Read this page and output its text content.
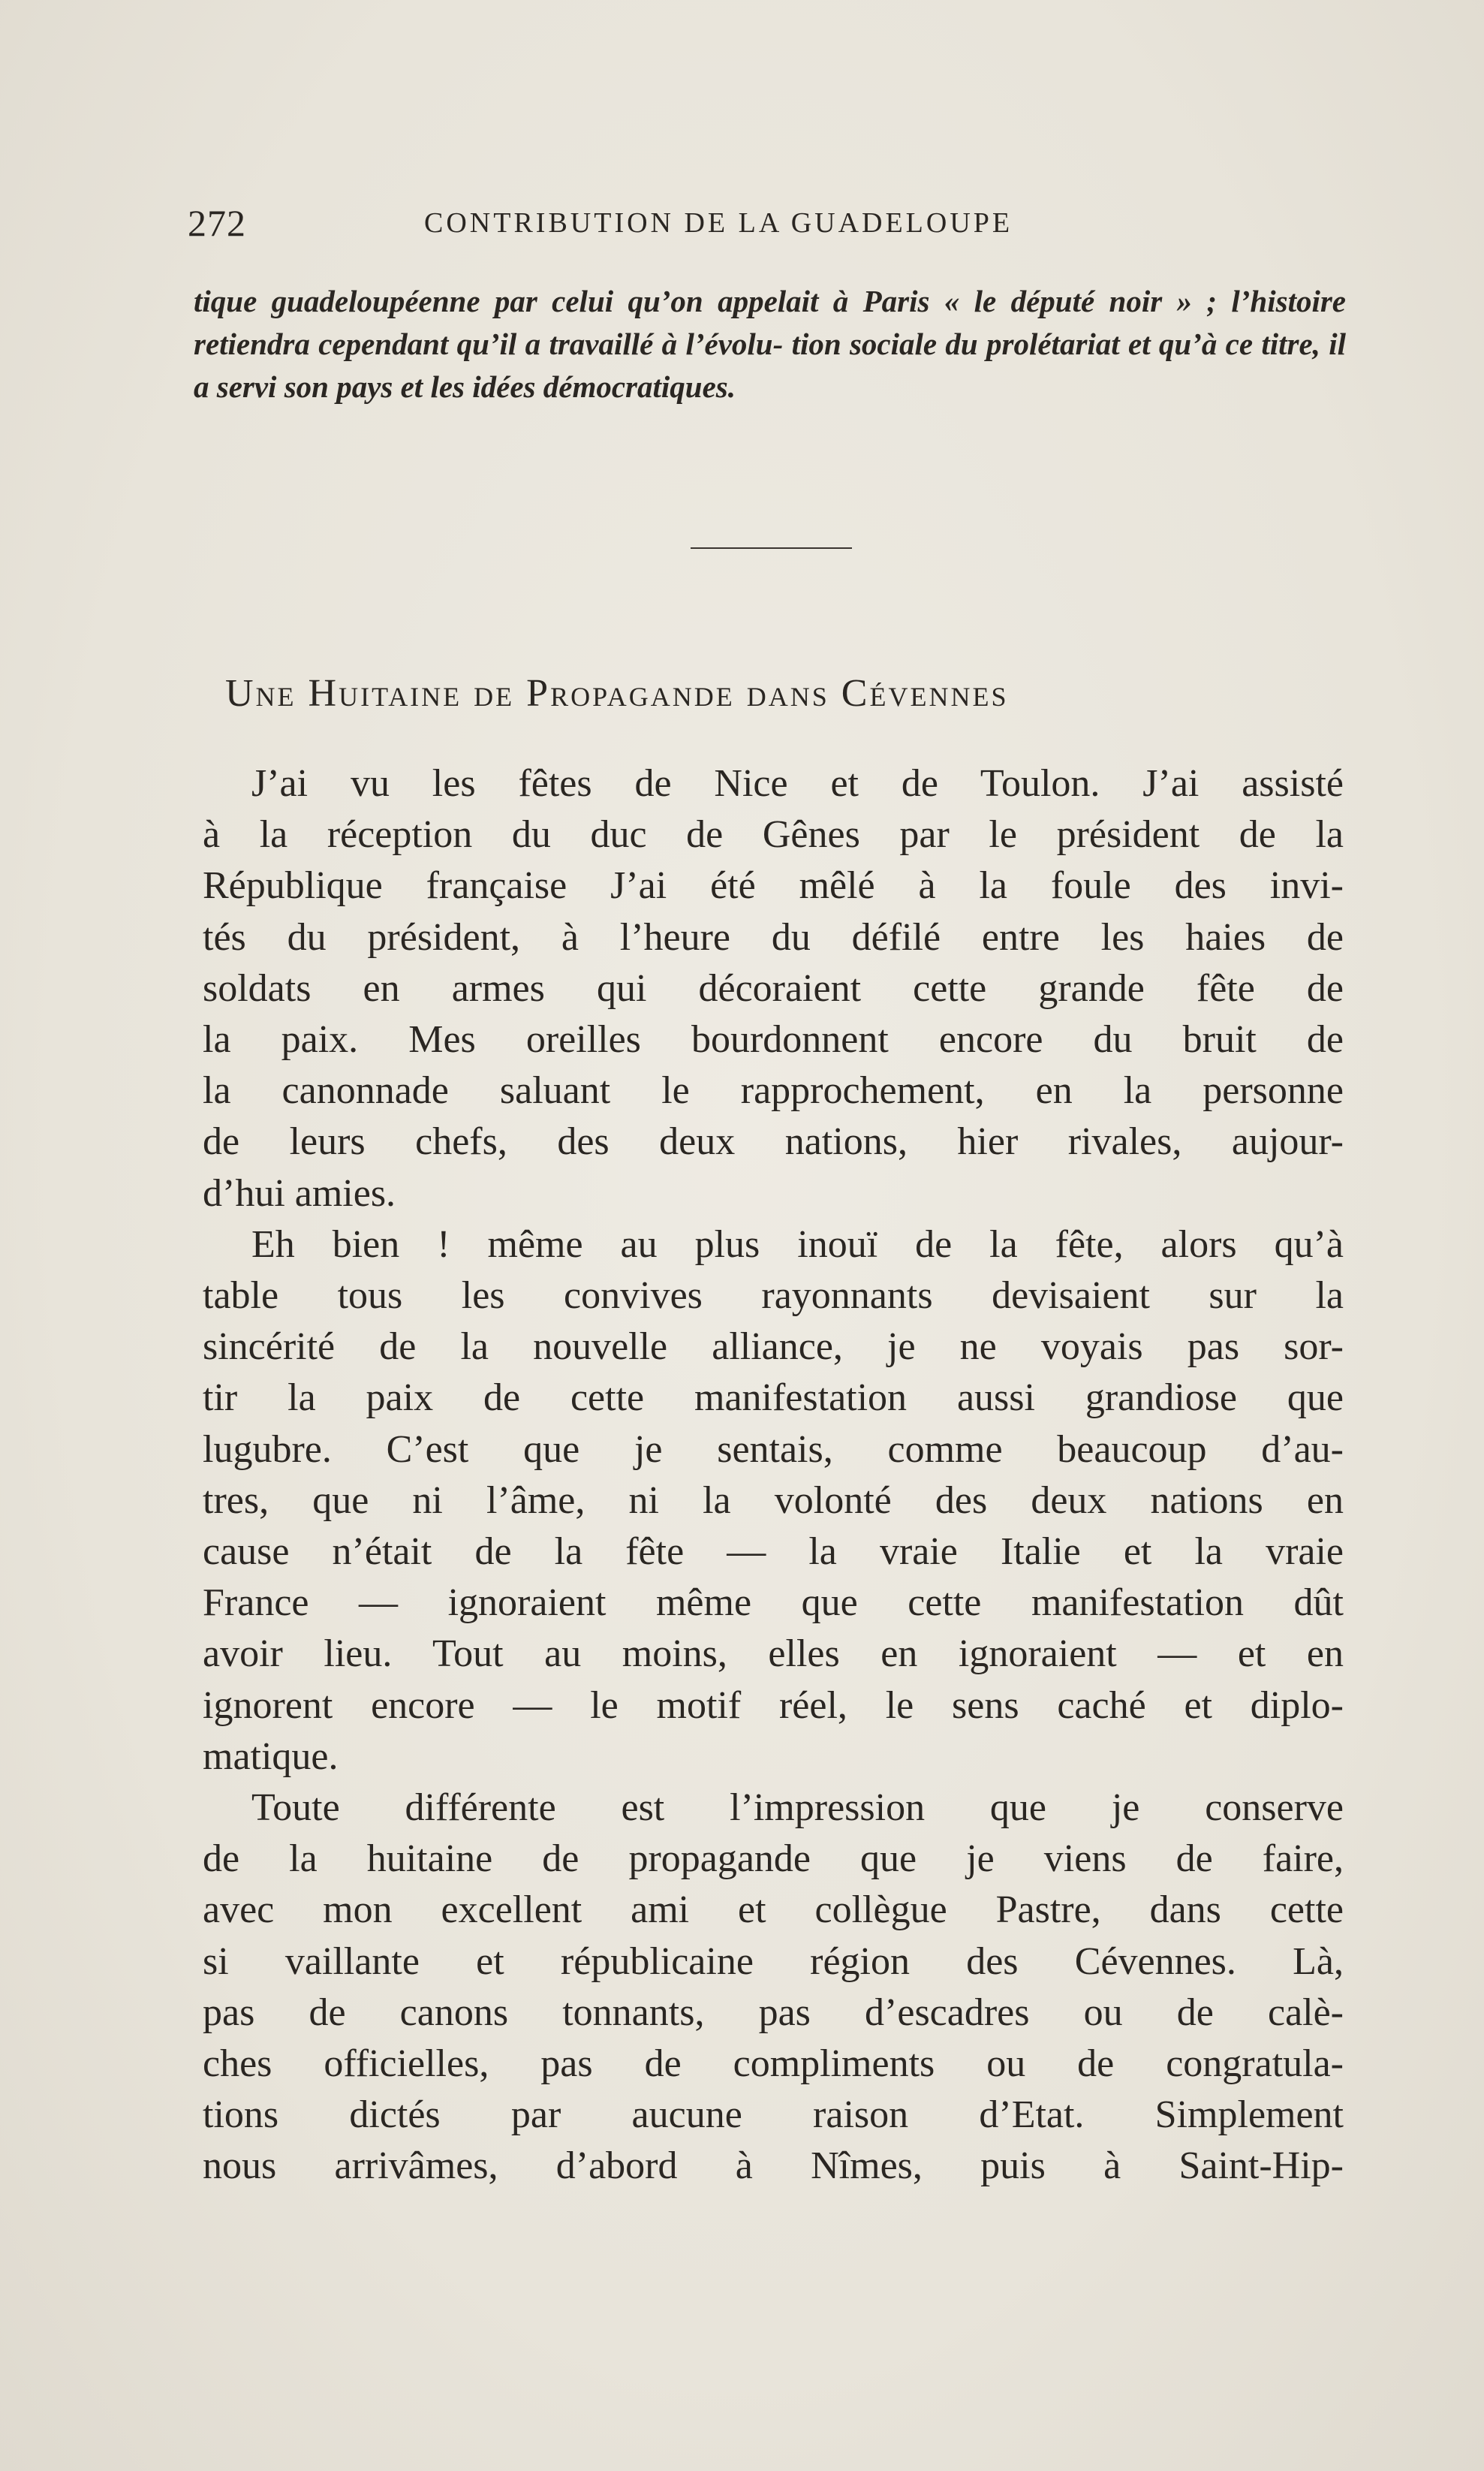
272	CONTRIBUTION DE LA GUADELOUPE

tique guadeloupéenne par celui qu’on appelait à Paris « le député noir » ; l’histoire retiendra cependant qu’il a travaillé à l’évolu- tion sociale du prolétariat et qu’à ce titre, il a servi son pays et les idées démocratiques.

Une Huitaine de Propagande dans Cévennes
J’ai vu les fêtes de Nice et de Toulon. J’ai assisté
à la réception du duc de Gênes par le président de la
République française J’ai été mêlé à la foule des invi-
tés du président, à l’heure du défilé entre les haies de
soldats en armes qui décoraient cette grande fête de
la paix. Mes oreilles bourdonnent encore du bruit de
la canonnade saluant le rapprochement, en la personne
de leurs chefs, des deux nations, hier rivales, aujour-
d’hui amies.
Eh bien ! même au plus inouï de la fête, alors qu’à
table tous les convives rayonnants devisaient sur la
sincérité de la nouvelle alliance, je ne voyais pas sor-
tir la paix de cette manifestation aussi grandiose que
lugubre. C’est que je sentais, comme beaucoup d’au-
tres, que ni l’âme, ni la volonté des deux nations en
cause n’était de la fête — la vraie Italie et la vraie
France — ignoraient même que cette manifestation dût
avoir lieu. Tout au moins, elles en ignoraient — et en
ignorent encore — le motif réel, le sens caché et diplo-
matique.
Toute différente est l’impression que je conserve
de la huitaine de propagande que je viens de faire,
avec mon excellent ami et collègue Pastre, dans cette
si vaillante et républicaine région des Cévennes. Là,
pas de canons tonnants, pas d’escadres ou de calè-
ches officielles, pas de compliments ou de congratula-
tions dictés par aucune raison d’Etat. Simplement
nous arrivâmes, d’abord à Nîmes, puis à Saint-Hip-
